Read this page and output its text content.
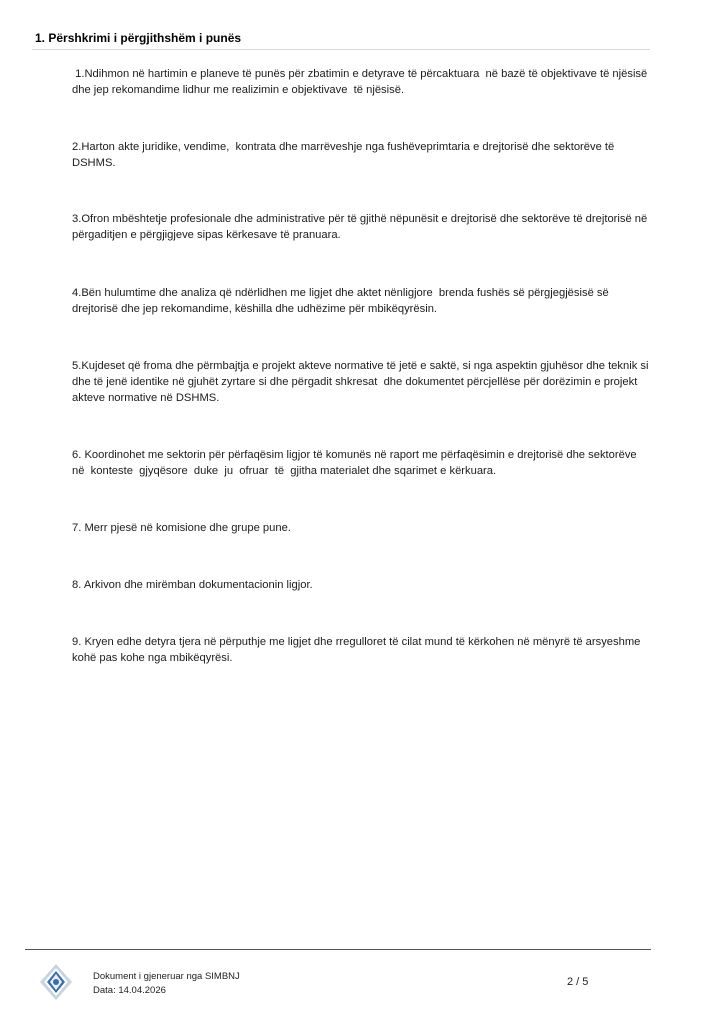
1. Përshkrimi i përgjithshëm i punës
1.Ndihmon në hartimin e planeve të punës për zbatimin e detyrave të përcaktuara  në bazë të objektivave të njësisë dhe jep rekomandime lidhur me realizimin e objektivave  të njësisë.
2.Harton akte juridike, vendime,  kontrata dhe marrëveshje nga fushëveprimtaria e drejtorisë dhe sektorëve të DSHMS.
3.Ofron mbështetje profesionale dhe administrative për të gjithë nëpunësit e drejtorisë dhe sektorëve të drejtorisë në përgaditjen e përgjigjeve sipas kërkesave të pranuara.
4.Bën hulumtime dhe analiza që ndërlidhen me ligjet dhe aktet nënligjore  brenda fushës së përgjegjësisë së drejtorisë dhe jep rekomandime, këshilla dhe udhëzime për mbikëqyrësin.
5.Kujdeset që froma dhe përmbajtja e projekt akteve normative të jetë e saktë, si nga aspektin gjuhësor dhe teknik si dhe të jenë identike në gjuhët zyrtare si dhe përgadit shkresat  dhe dokumentet përcjellëse për dorëzimin e projekt akteve normative në DSHMS.
6. Koordinohet me sektorin për përfaqësim ligjor të komunës në raport me përfaqësimin e drejtorisë dhe sektorëve në  konteste  gjyqësore  duke  ju  ofruar  të  gjitha materialet dhe sqarimet e kërkuara.
7. Merr pjesë në komisione dhe grupe pune.
8. Arkivon dhe mirëmban dokumentacionin ligjor.
9. Kryen edhe detyra tjera në përputhje me ligjet dhe rregulloret të cilat mund të kërkohen në mënyrë të arsyeshme kohë pas kohe nga mbikëqyrësi.
Dokument i gjeneruar nga SIMBNJ
Data: 14.04.2026
2 / 5
